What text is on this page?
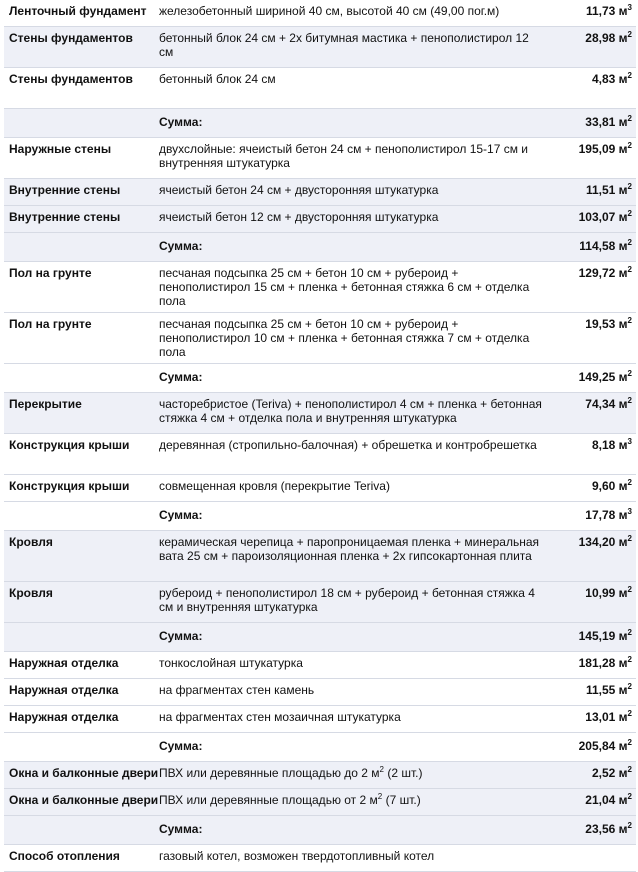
Ленточный фундамент	железобетонный шириной 40 см, высотой 40 см (49,00 пог.м)	11,73 $м^3$
Стены фундаментов	бетонный блок 24 см + 2х битумная мастика + пенополистирол 12 см	28,98 $м^2$
Стены фундаментов	бетонный блок 24 см	4,83 $м^2$
	Сумма:	33,81 $м^2$
Наружные стены	двухслойные: ячеистый бетон 24 см + пенополистирол 15-17 см и внутренняя штукатурка	195,09 $м^2$
Внутренние стены	ячеистый бетон 24 см + двусторонняя штукатурка	11,51 $м^2$
Внутренние стены	ячеистый бетон 12 см + двусторонняя штукатурка	103,07 $м^2$
	Сумма:	114,58 $м^2$
Пол на грунте	песчаная подсыпка 25 см + бетон 10 см + рубероид + пенополистирол 15 см + пленка + бетонная стяжка 6 см + отделка пола	129,72 $м^2$
Пол на грунте	песчаная подсыпка 25 см + бетон 10 см + рубероид + пенополистирол 10 см + пленка + бетонная стяжка 7 см + отделка пола	19,53 $м^2$
	Сумма:	149,25 $м^2$
Перекрытие	часторебристое (Teriva) + пенополистирол 4 см + пленка + бетонная стяжка 4 см + отделка пола и внутренняя штукатурка	74,34 $м^2$
Конструкция крыши	деревянная (стропильно-балочная) + обрешетка и контробрешетка	8,18 $м^3$
Конструкция крыши	совмещенная кровля (перекрытие Teriva)	9,60 $м^2$
	Сумма:	17,78 $м^3$
Кровля	керамическая черепица + паропроницаемая пленка + минеральная вата 25 см + пароизоляционная пленка + 2х гипсокартонная плита	134,20 $м^2$
Кровля	рубероид + пенополистирол 18 см + рубероид + бетонная стяжка 4 см и внутренняя штукатурка	10,99 $м^2$
	Сумма:	145,19 $м^2$
Наружная отделка	тонкослойная штукатурка	181,28 $м^2$
Наружная отделка	на фрагментах стен камень	11,55 $м^2$
Наружная отделка	на фрагментах стен мозаичная штукатурка	13,01 $м^2$
	Сумма:	205,84 $м^2$
Окна и балконные двери	ПВХ или деревянные площадью до 2 $м^2$ (2 шт.)	2,52 $м^2$
Окна и балконные двери	ПВХ или деревянные площадью от 2 $м^2$ (7 шт.)	21,04 $м^2$
	Сумма:	23,56 $м^2$
Способ отопления	газовый котел, возможен твердотопливный котел	
